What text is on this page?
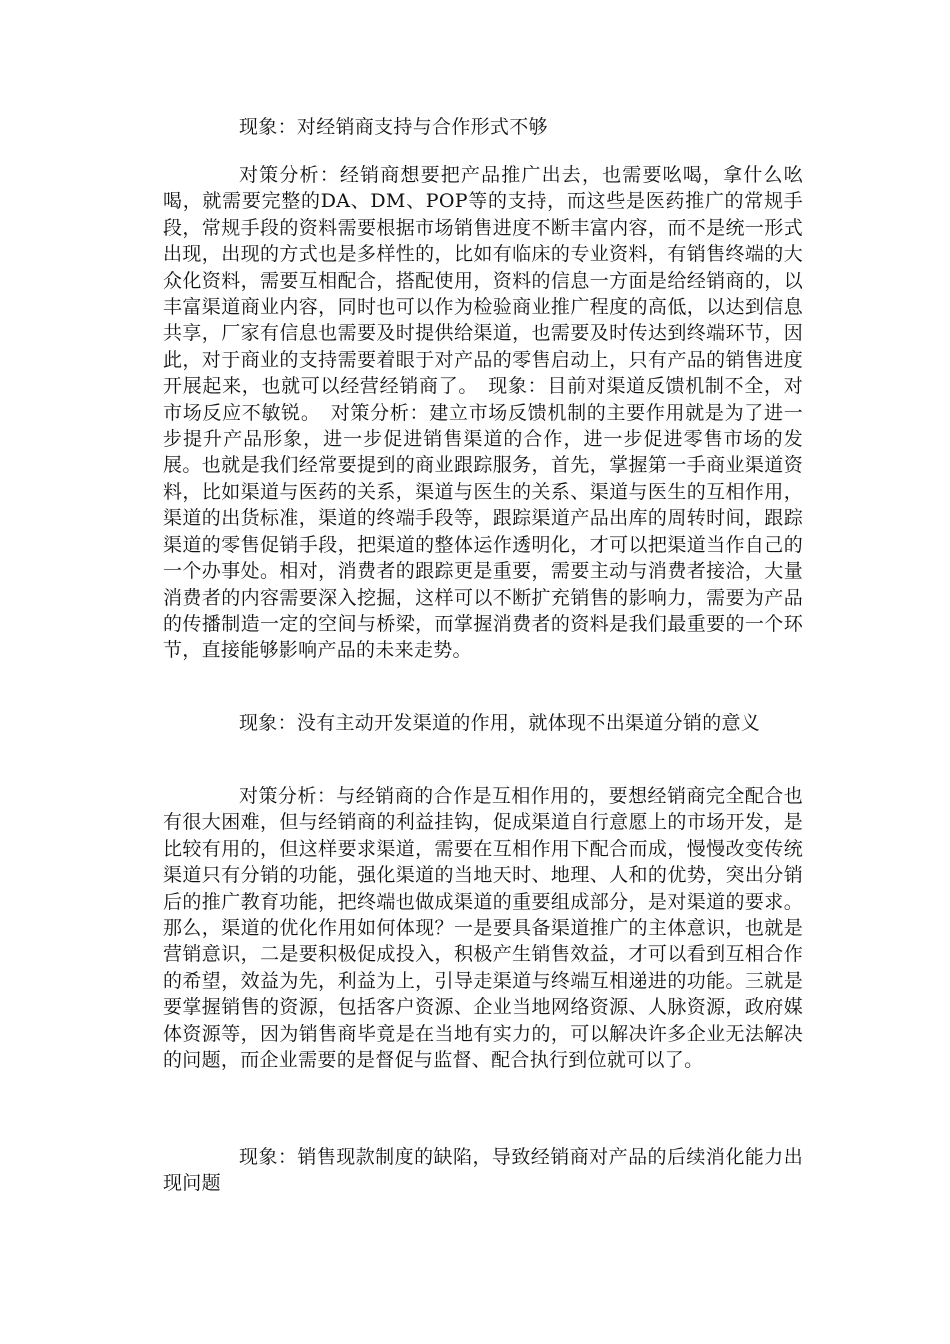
现象：对经销商支持与合作形式不够

对策分析：经销商想要把产品推广出去，也需要吆喝，拿什么吆喝，就需要完整的DA、DM、POP等的支持，而这些是医药推广的常规手段，常规手段的资料需要根据市场销售进度不断丰富内容，而不是统一形式出现，出现的方式也是多样性的，比如有临床的专业资料，有销售终端的大众化资料，需要互相配合，搭配使用，资料的信息一方面是给经销商的，以丰富渠道商业内容，同时也可以作为检验商业推广程度的高低，以达到信息共享，厂家有信息也需要及时提供给渠道，也需要及时传达到终端环节，因此，对于商业的支持需要着眼于对产品的零售启动上，只有产品的销售进度开展起来，也就可以经营经销商了。　现象：目前对渠道反馈机制不全，对市场反应不敏锐。　对策分析：建立市场反馈机制的主要作用就是为了进一步提升产品形象，进一步促进销售渠道的合作，进一步促进零售市场的发展。也就是我们经常要提到的商业跟踪服务，首先，掌握第一手商业渠道资料，比如渠道与医药的关系，渠道与医生的关系、渠道与医生的互相作用，渠道的出货标准，渠道的终端手段等，跟踪渠道产品出库的周转时间，跟踪渠道的零售促销手段，把渠道的整体运作透明化，才可以把渠道当作自己的一个办事处。相对，消费者的跟踪更是重要，需要主动与消费者接洽，大量消费者的内容需要深入挖掘，这样可以不断扩充销售的影响力，需要为产品的传播制造一定的空间与桥梁，而掌握消费者的资料是我们最重要的一个环节，直接能够影响产品的未来走势。

现象：没有主动开发渠道的作用，就体现不出渠道分销的意义

对策分析：与经销商的合作是互相作用的，要想经销商完全配合也有很大困难，但与经销商的利益挂钩，促成渠道自行意愿上的市场开发，是比较有用的，但这样要求渠道，需要在互相作用下配合而成，慢慢改变传统渠道只有分销的功能，强化渠道的当地天时、地理、人和的优势，突出分销后的推广教育功能，把终端也做成渠道的重要组成部分，是对渠道的要求。那么，渠道的优化作用如何体现？一是要具备渠道推广的主体意识，也就是营销意识，二是要积极促成投入，积极产生销售效益，才可以看到互相合作的希望，效益为先，利益为上，引导走渠道与终端互相递进的功能。三就是要掌握销售的资源，包括客户资源、企业当地网络资源、人脉资源，政府媒体资源等，因为销售商毕竟是在当地有实力的，可以解决许多企业无法解决的问题，而企业需要的是督促与监督、配合执行到位就可以了。

现象：销售现款制度的缺陷，导致经销商对产品的后续消化能力出现问题
